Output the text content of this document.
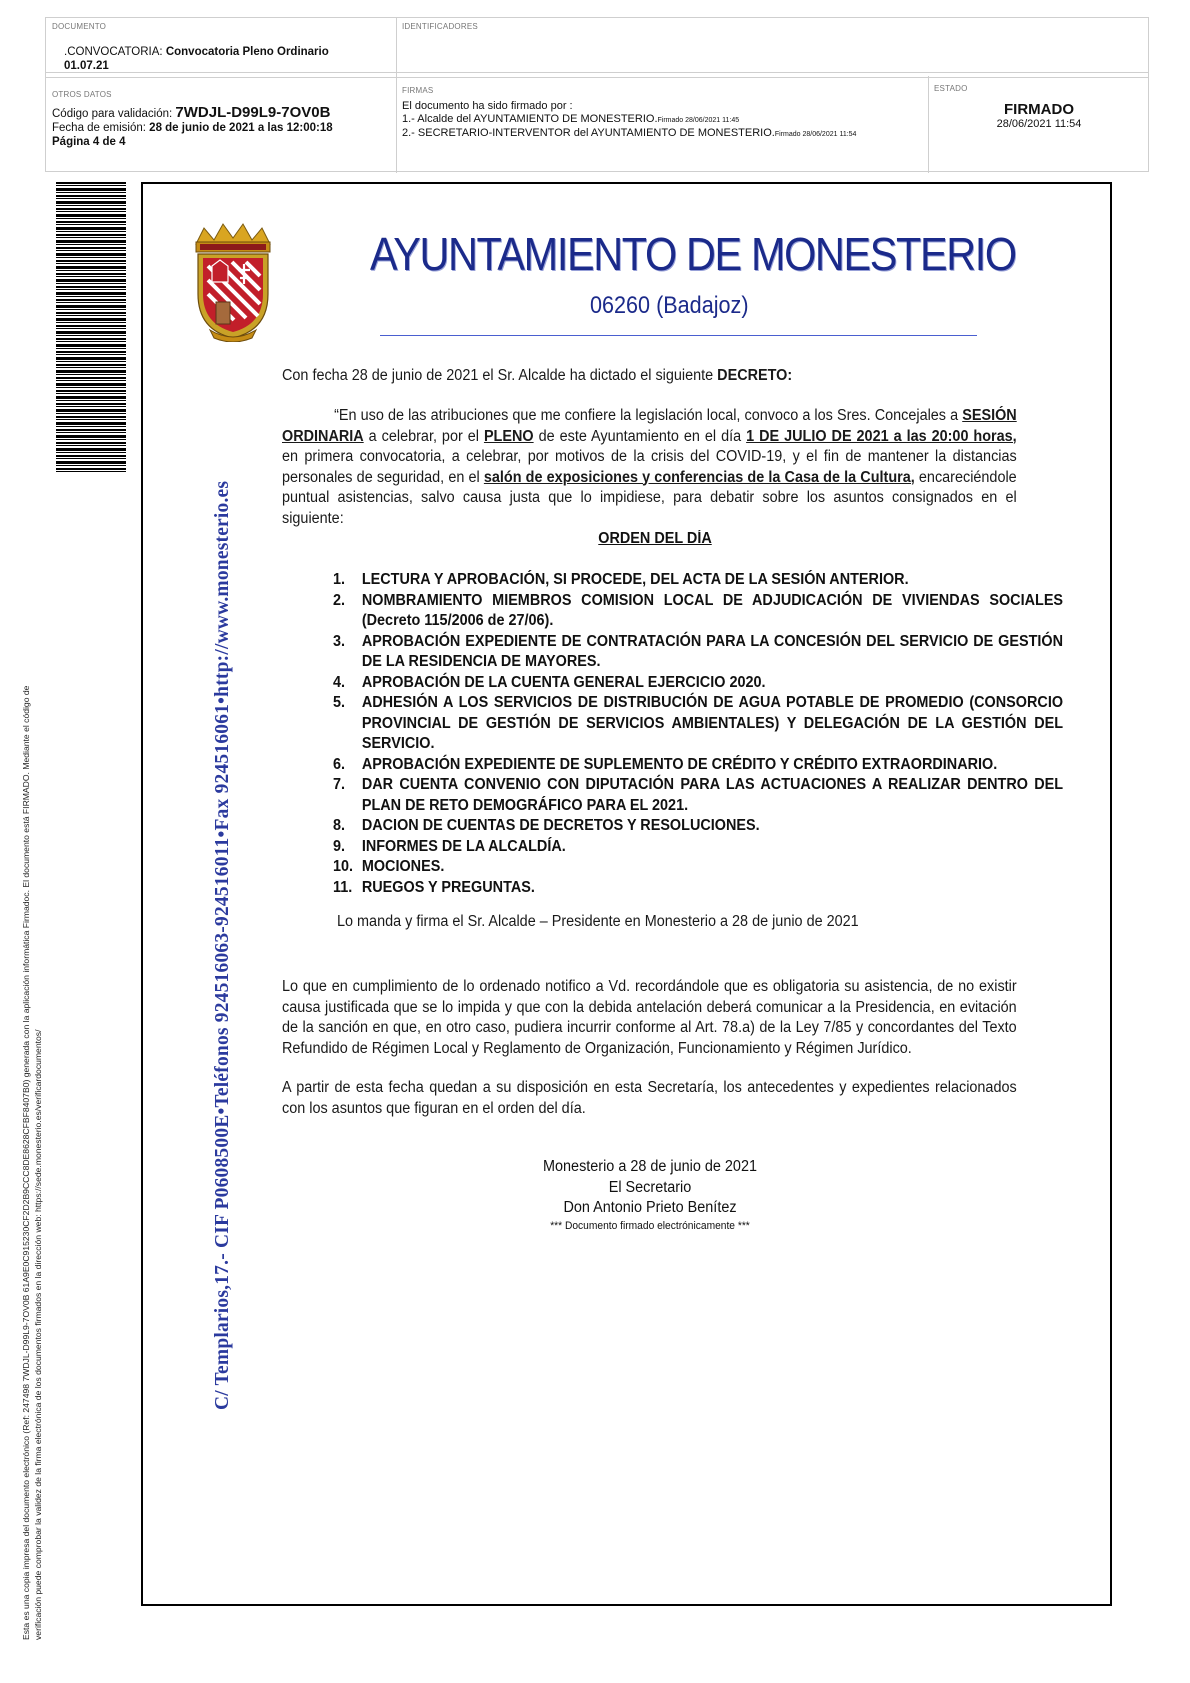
DOCUMENTO
.CONVOCATORIA: Convocatoria Pleno Ordinario
01.07.21
IDENTIFICADORES
OTROS DATOS
Código para validación: 7WDJL-D99L9-7OV0B
Fecha de emisión: 28 de junio de 2021 a las 12:00:18
Página 4 de 4
FIRMAS
El documento ha sido firmado por :
1.- Alcalde del AYUNTAMIENTO DE MONESTERIO.Firmado 28/06/2021 11:45
2.- SECRETARIO-INTERVENTOR del AYUNTAMIENTO DE MONESTERIO.Firmado 28/06/2021 11:54
ESTADO
FIRMADO
28/06/2021 11:54
Esta es una copia impresa del documento electrónico (Ref: 247498 7WDJL-D99L9-7OV0B 61A9E0C915230CF2D2B9CCC8DE8628CFBF8407B0) generada con la aplicación informática Firmadoc. El documento está FIRMADO. Mediante el código de verificación puede comprobar la validez de la firma electrónica de los documentos firmados en la dirección web: https://sede.monesterio.es/verificardocumentos/
AYUNTAMIENTO DE MONESTERIO
06260 (Badajoz)
C/ Templarios,17.- CIF P0608500E•Teléfonos 924516063-924516011•Fax 924516061•http://www.monesterio.es
Con fecha 28 de junio de 2021 el Sr. Alcalde ha dictado el siguiente DECRETO:
“En uso de las atribuciones que me confiere la legislación local, convoco a los Sres. Concejales a SESIÓN ORDINARIA a celebrar, por el PLENO de este Ayuntamiento en el día 1 DE JULIO DE 2021 a las 20:00 horas, en primera convocatoria, a celebrar, por motivos de la crisis del COVID-19, y el fin de mantener la distancias personales de seguridad, en el salón de exposiciones y conferencias de la Casa de la Cultura, encareciéndole puntual asistencias, salvo causa justa que lo impidiese, para debatir sobre los asuntos consignados en el siguiente:
ORDEN DEL DÍA
1.	LECTURA Y APROBACIÓN, SI PROCEDE, DEL ACTA DE LA SESIÓN ANTERIOR.
2.	NOMBRAMIENTO MIEMBROS COMISION LOCAL DE ADJUDICACIÓN DE VIVIENDAS SOCIALES (Decreto 115/2006 de 27/06).
3.	APROBACIÓN EXPEDIENTE DE CONTRATACIÓN PARA LA CONCESIÓN DEL SERVICIO DE GESTIÓN DE LA RESIDENCIA DE MAYORES.
4.	APROBACIÓN DE LA CUENTA GENERAL EJERCICIO 2020.
5.	ADHESIÓN A LOS SERVICIOS DE DISTRIBUCIÓN DE AGUA POTABLE DE PROMEDIO (CONSORCIO PROVINCIAL DE GESTIÓN DE SERVICIOS AMBIENTALES) Y DELEGACIÓN DE LA GESTIÓN DEL SERVICIO.
6.	APROBACIÓN EXPEDIENTE DE SUPLEMENTO DE CRÉDITO Y CRÉDITO EXTRAORDINARIO.
7.	DAR CUENTA CONVENIO CON DIPUTACIÓN PARA LAS ACTUACIONES A REALIZAR DENTRO DEL PLAN DE RETO DEMOGRÁFICO PARA EL 2021.
8.	DACION DE CUENTAS DE DECRETOS Y RESOLUCIONES.
9.	INFORMES DE LA ALCALDÍA.
10. MOCIONES.
11. RUEGOS Y PREGUNTAS.
Lo manda y firma el Sr. Alcalde – Presidente en Monesterio a 28 de junio de 2021
Lo que en cumplimiento de lo ordenado notifico a Vd. recordándole que es obligatoria su asistencia, de no existir causa justificada que se lo impida y que con la debida antelación deberá comunicar a la Presidencia, en evitación de la sanción en que, en otro caso, pudiera incurrir conforme al Art. 78.a) de la Ley 7/85 y concordantes del Texto Refundido de Régimen Local y Reglamento de Organización, Funcionamiento y Régimen Jurídico.
A partir de esta fecha quedan a su disposición en esta Secretaría, los antecedentes y expedientes relacionados con los asuntos que figuran en el orden del día.
Monesterio a 28 de junio de 2021
El Secretario
Don Antonio Prieto Benítez
*** Documento firmado electrónicamente ***
